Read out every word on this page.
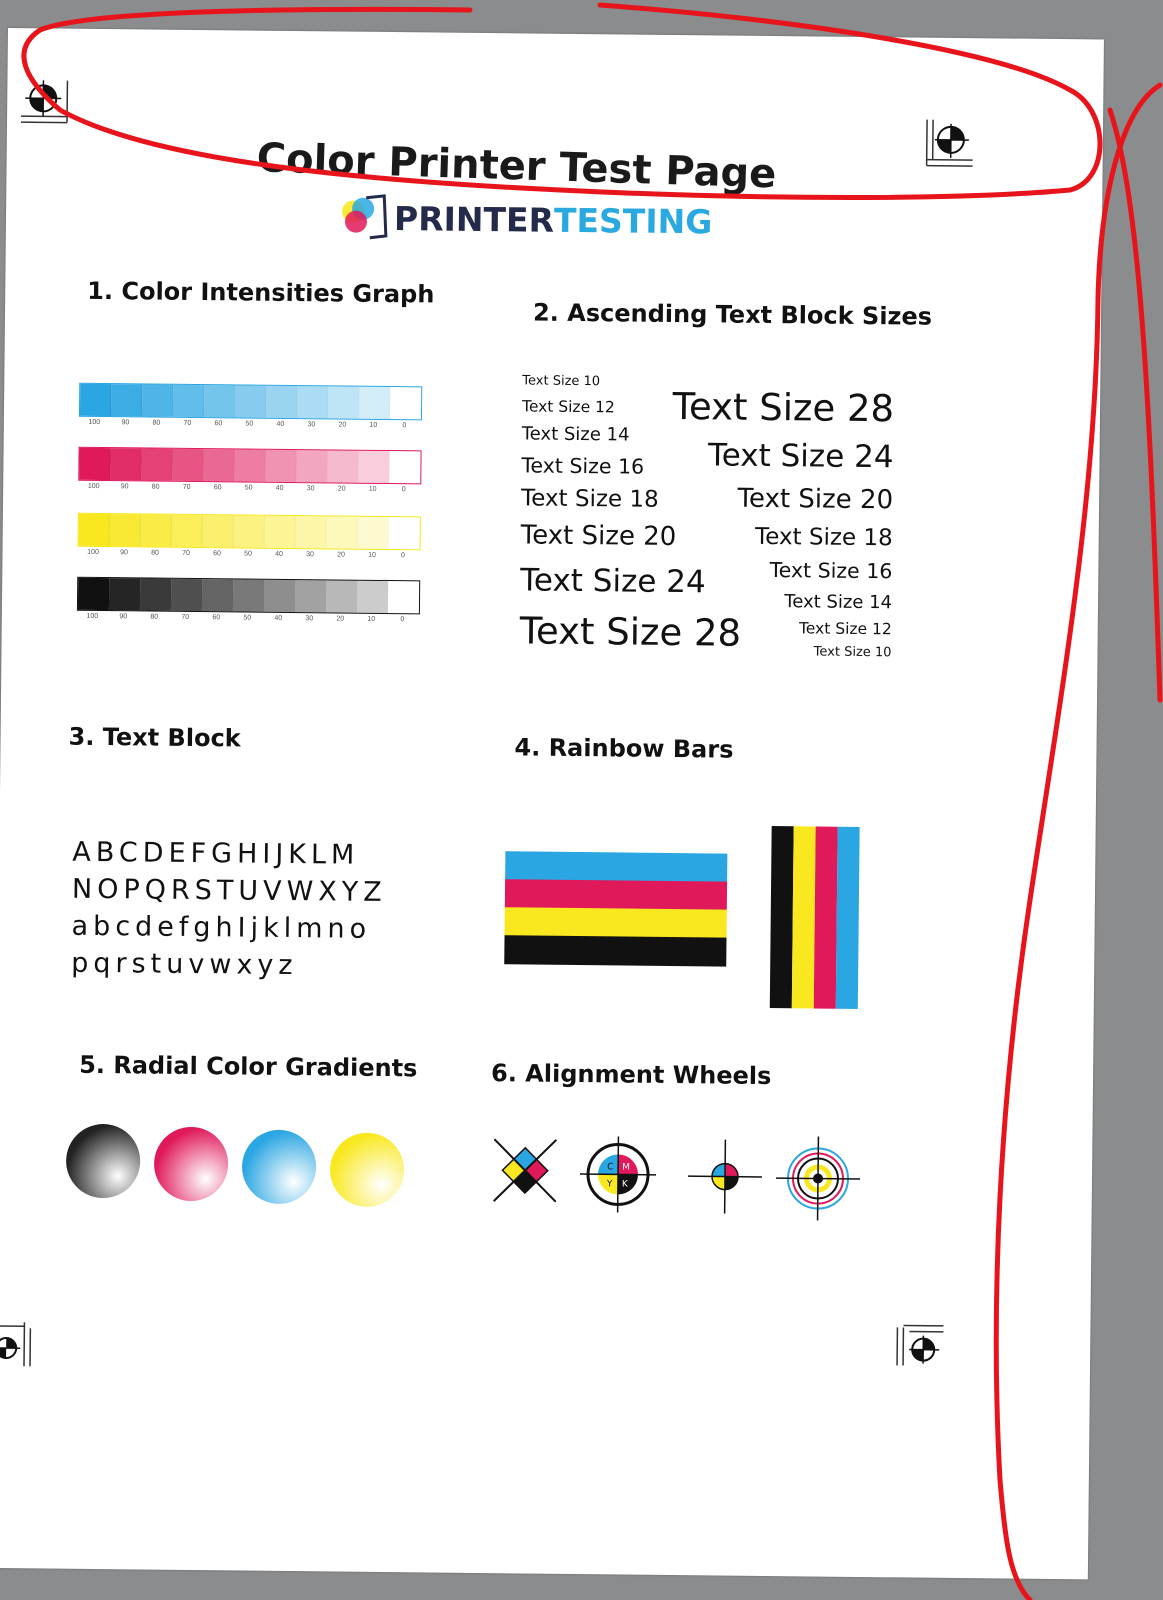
Color Printer Test Page
PRINTER TESTING
1. Color Intensities Graph
2. Ascending Text Block Sizes
3. Text Block	4. Rainbow Bars
5. Radial Color Gradients	6. Alignment Wheels
100	90	80	70	60	50	40	30	20	10	0
100	90	80	70	60	50	40	30	20	10	0
100	90	80	70	60	50	40	30	20	10	0
100	90	80	70	60	50	40	30	20	10	0
Text Size 10
Text Size 12
Text Size 14
Text Size 16
Text Size 18
Text Size 20
Text Size 24
Text Size 28
Text Size 28
Text Size 24
Text Size 20
Text Size 18
Text Size 16
Text Size 14
Text Size 12
Text Size 10
ABCDEFGHIJKLM
NOPQRSTUVWXYZ
abcdefghIjklmno
pqrstuvwxyz
C M
Y K
